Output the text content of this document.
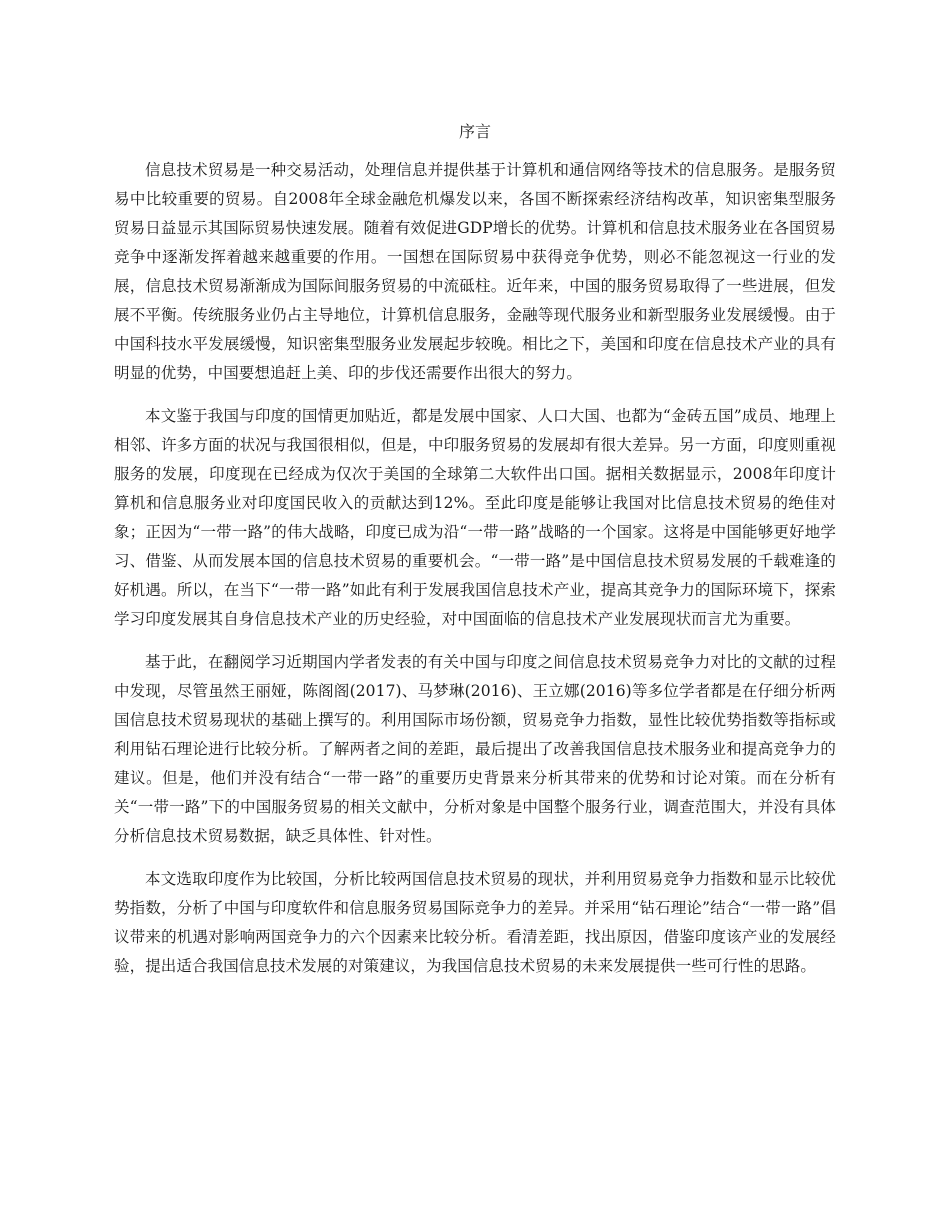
序言

信息技术贸易是一种交易活动，处理信息并提供基于计算机和通信网络等技术的信息服务。是服务贸易中比较重要的贸易。自2008年全球金融危机爆发以来，各国不断探索经济结构改革，知识密集型服务贸易日益显示其国际贸易快速发展。随着有效促进GDP增长的优势。计算机和信息技术服务业在各国贸易竞争中逐渐发挥着越来越重要的作用。一国想在国际贸易中获得竞争优势，则必不能忽视这一行业的发展，信息技术贸易渐渐成为国际间服务贸易的中流砥柱。近年来，中国的服务贸易取得了一些进展，但发展不平衡。传统服务业仍占主导地位，计算机信息服务，金融等现代服务业和新型服务业发展缓慢。由于中国科技水平发展缓慢，知识密集型服务业发展起步较晚。相比之下，美国和印度在信息技术产业的具有明显的优势，中国要想追赶上美、印的步伐还需要作出很大的努力。

本文鉴于我国与印度的国情更加贴近，都是发展中国家、人口大国、也都为“金砖五国”成员、地理上相邻、许多方面的状况与我国很相似，但是，中印服务贸易的发展却有很大差异。另一方面，印度则重视服务的发展，印度现在已经成为仅次于美国的全球第二大软件出口国。据相关数据显示，2008年印度计算机和信息服务业对印度国民收入的贡献达到12%。至此印度是能够让我国对比信息技术贸易的绝佳对象；正因为“一带一路”的伟大战略，印度已成为沿“一带一路”战略的一个国家。这将是中国能够更好地学习、借鉴、从而发展本国的信息技术贸易的重要机会。“一带一路”是中国信息技术贸易发展的千载难逢的好机遇。所以，在当下“一带一路”如此有利于发展我国信息技术产业，提高其竞争力的国际环境下，探索学习印度发展其自身信息技术产业的历史经验，对中国面临的信息技术产业发展现状而言尤为重要。

基于此，在翻阅学习近期国内学者发表的有关中国与印度之间信息技术贸易竞争力对比的文献的过程中发现，尽管虽然王丽娅，陈阁阁(2017)、马梦琳(2016)、王立娜(2016)等多位学者都是在仔细分析两国信息技术贸易现状的基础上撰写的。利用国际市场份额，贸易竞争力指数，显性比较优势指数等指标或利用钻石理论进行比较分析。了解两者之间的差距，最后提出了改善我国信息技术服务业和提高竞争力的建议。但是，他们并没有结合“一带一路”的重要历史背景来分析其带来的优势和讨论对策。而在分析有关“一带一路”下的中国服务贸易的相关文献中，分析对象是中国整个服务行业，调查范围大，并没有具体分析信息技术贸易数据，缺乏具体性、针对性。

本文选取印度作为比较国，分析比较两国信息技术贸易的现状，并利用贸易竞争力指数和显示比较优势指数，分析了中国与印度软件和信息服务贸易国际竞争力的差异。并采用“钻石理论”结合“一带一路”倡议带来的机遇对影响两国竞争力的六个因素来比较分析。看清差距，找出原因，借鉴印度该产业的发展经验，提出适合我国信息技术发展的对策建议，为我国信息技术贸易的未来发展提供一些可行性的思路。
